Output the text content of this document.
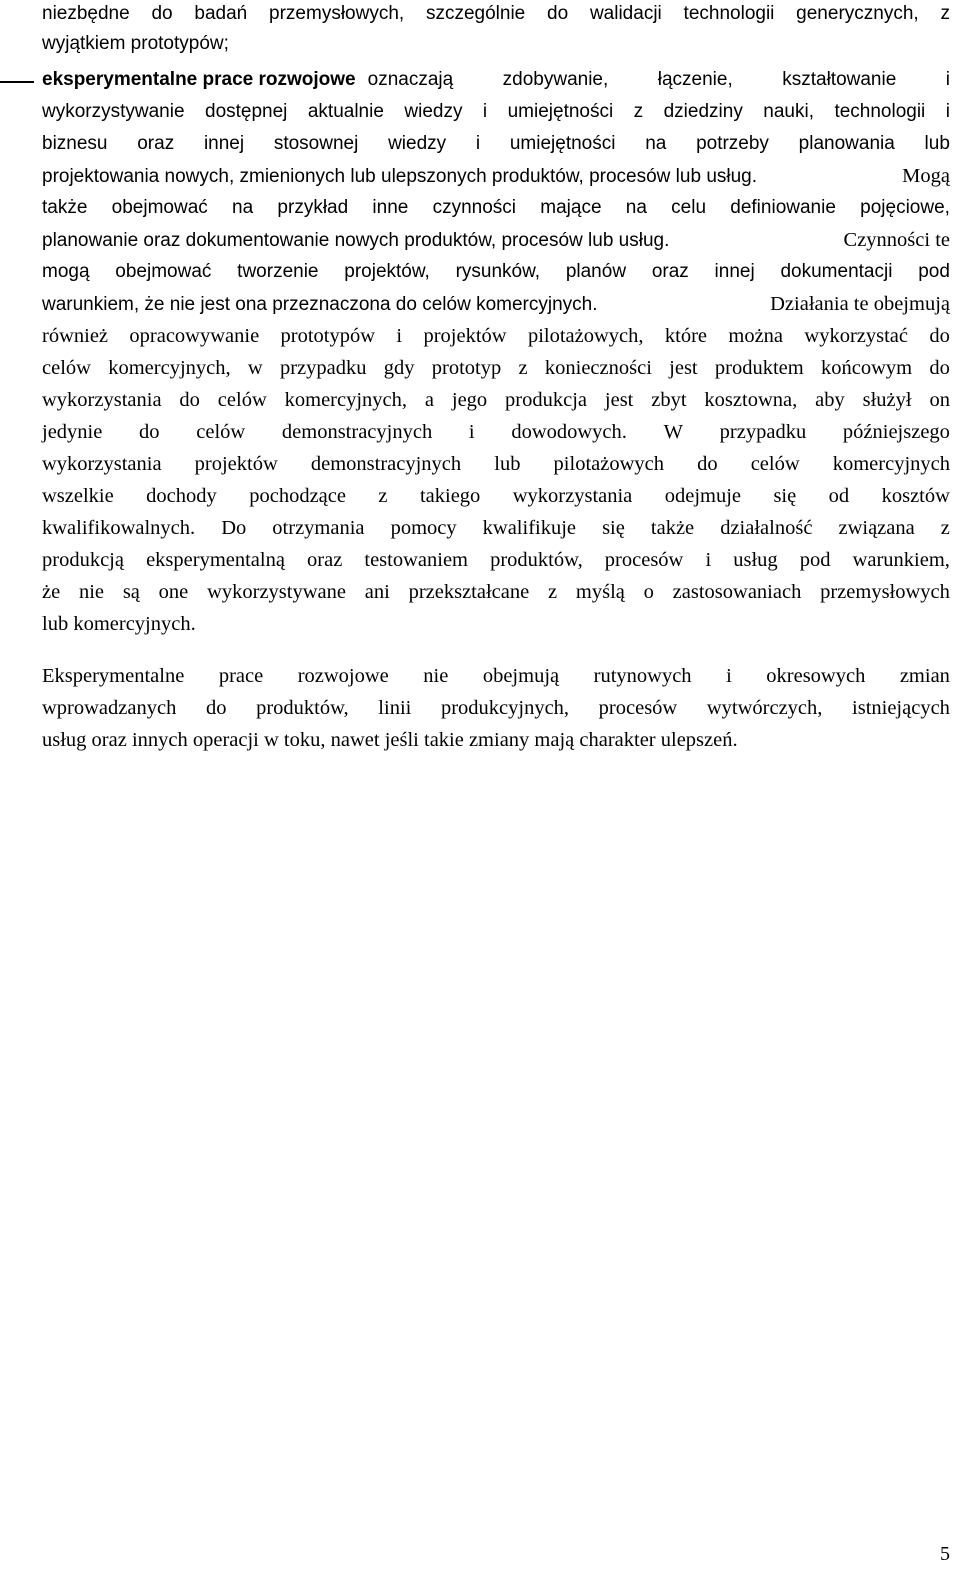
niezbędne do badań przemysłowych, szczególnie do walidacji technologii generycznych, z
wyjątkiem prototypów;
eksperymentalne prace rozwojowe oznaczają	zdobywanie,	łączenie,	kształtowanie	i
wykorzystywanie dostępnej aktualnie wiedzy i umiejętności z dziedziny nauki, technologii i
biznesu oraz innej stosownej wiedzy i umiejętności na potrzeby planowania lub
projektowania nowych, zmienionych lub ulepszonych produktów, procesów lub usług.	Mogą
także obejmować na przykład inne czynności mające na celu definiowanie pojęciowe,
planowanie oraz dokumentowanie nowych produktów, procesów lub usług.	Czynności te
mogą obejmować tworzenie projektów, rysunków, planów oraz innej dokumentacji pod
warunkiem, że nie jest ona przeznaczona do celów komercyjnych.	Działania te obejmują
również opracowywanie prototypów i projektów pilotażowych, które można wykorzystać do
celów komercyjnych, w przypadku gdy prototyp z konieczności jest produktem końcowym do
wykorzystania do celów komercyjnych, a jego produkcja jest zbyt kosztowna, aby służył on
jedynie do celów demonstracyjnych i dowodowych. W przypadku późniejszego
wykorzystania projektów demonstracyjnych lub pilotażowych do celów komercyjnych
wszelkie dochody pochodzące z takiego wykorzystania odejmuje się od kosztów
kwalifikowalnych. Do otrzymania pomocy kwalifikuje się także działalność związana z
produkcją eksperymentalną oraz testowaniem produktów, procesów i usług pod warunkiem,
że nie są one wykorzystywane ani przekształcane z myślą o zastosowaniach przemysłowych
lub komercyjnych.
Eksperymentalne prace rozwojowe nie obejmują rutynowych i okresowych zmian
wprowadzanych do produktów, linii produkcyjnych, procesów wytwórczych, istniejących
usług oraz innych operacji w toku, nawet jeśli takie zmiany mają charakter ulepszeń.
5
